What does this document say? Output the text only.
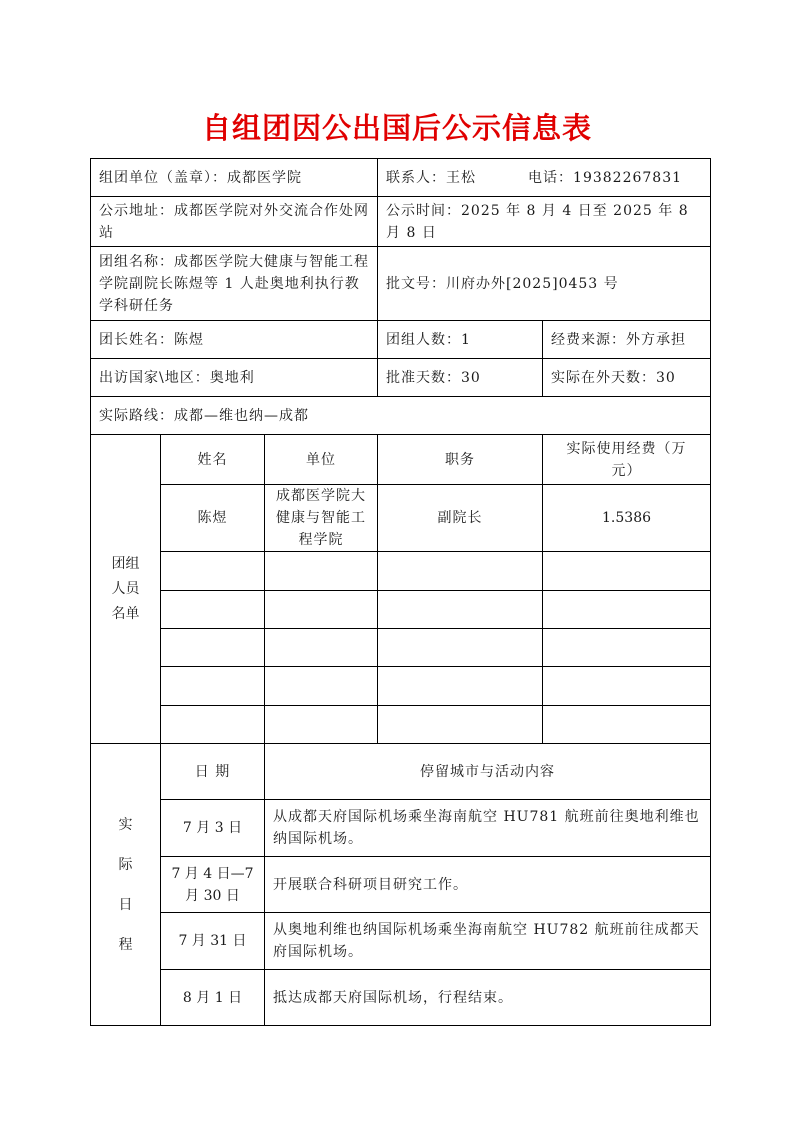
自组团因公出国后公示信息表
组团单位（盖章）：成都医学院			联系人：王松 电话：19382267831	

公示地址：成都医学院对外交流合作处网站			公示时间：2025 年 8 月 4 日至 2025 年 8 月 8 日	
团组名称：成都医学院大健康与智能工程学院副院长陈煜等 1 人赴奥地利执行教学科研任务			批文号：川府办外[2025]0453 号	
团长姓名：陈煜			团组人数：1	经费来源：外方承担
出访国家\地区：奥地利			批准天数：30	实际在外天数：30
实际路线：成都—维也纳—成都				
团组
人员
名单	姓名	单位	职务	实际使用经费（万元）
	陈煜	成都医学院大健康与智能工程学院	副院长	1.5386

实
际
日
程	日 期	停留城市与活动内容		
	7 月 3 日	从成都天府国际机场乘坐海南航空 HU781 航班前往奥地利维也纳国际机场。		
	7 月 4 日—7 月 30 日	开展联合科研项目研究工作。		
	7 月 31 日	从奥地利维也纳国际机场乘坐海南航空 HU782 航班前往成都天府国际机场。		
	8 月 1 日	抵达成都天府国际机场，行程结束。		
